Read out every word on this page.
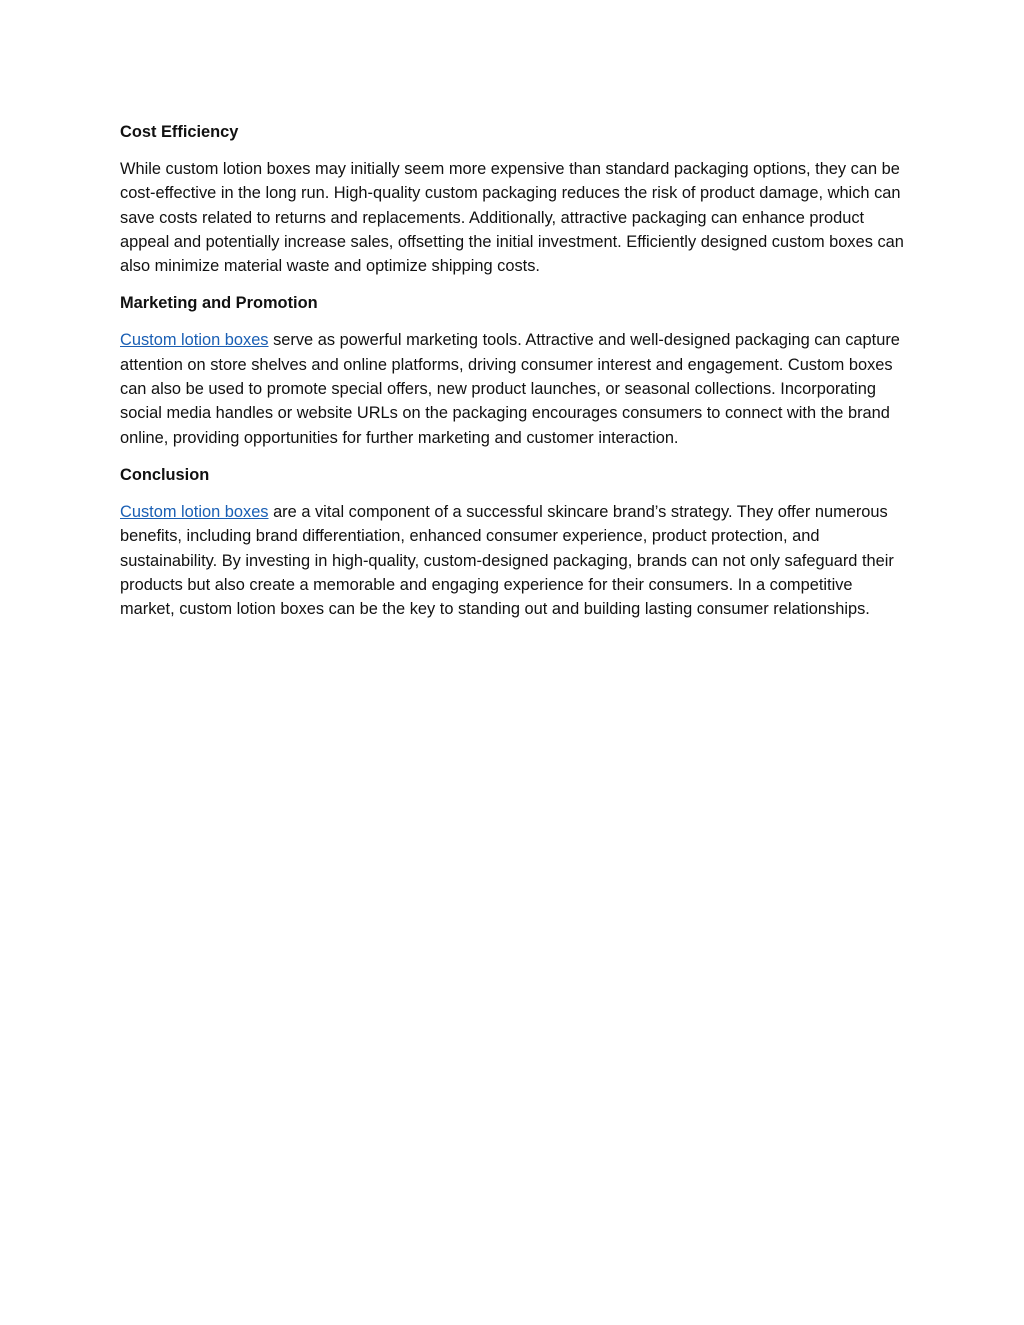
Cost Efficiency

While custom lotion boxes may initially seem more expensive than standard packaging options, they can be cost-effective in the long run. High-quality custom packaging reduces the risk of product damage, which can save costs related to returns and replacements. Additionally, attractive packaging can enhance product appeal and potentially increase sales, offsetting the initial investment. Efficiently designed custom boxes can also minimize material waste and optimize shipping costs.

Marketing and Promotion

Custom lotion boxes serve as powerful marketing tools. Attractive and well-designed packaging can capture attention on store shelves and online platforms, driving consumer interest and engagement. Custom boxes can also be used to promote special offers, new product launches, or seasonal collections. Incorporating social media handles or website URLs on the packaging encourages consumers to connect with the brand online, providing opportunities for further marketing and customer interaction.

Conclusion

Custom lotion boxes are a vital component of a successful skincare brand’s strategy. They offer numerous benefits, including brand differentiation, enhanced consumer experience, product protection, and sustainability. By investing in high-quality, custom-designed packaging, brands can not only safeguard their products but also create a memorable and engaging experience for their consumers. In a competitive market, custom lotion boxes can be the key to standing out and building lasting consumer relationships.
